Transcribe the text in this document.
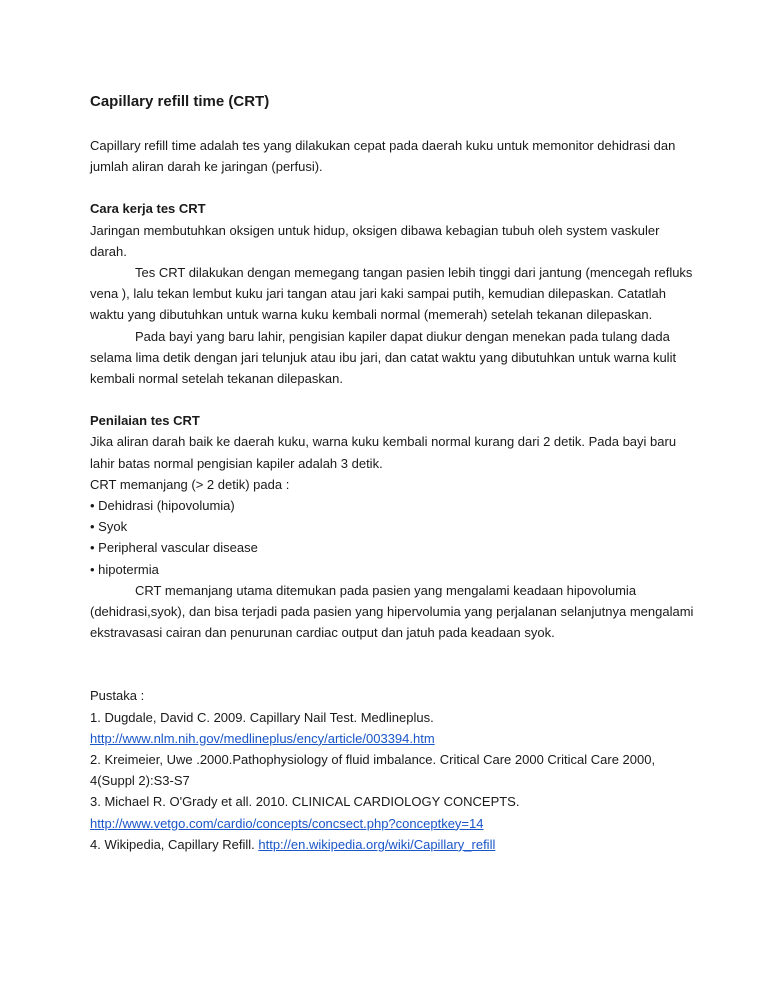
Capillary refill time (CRT)

Capillary refill time adalah tes yang dilakukan cepat pada daerah kuku untuk memonitor dehidrasi dan jumlah aliran darah ke jaringan (perfusi).

Cara kerja tes CRT

Jaringan membutuhkan oksigen untuk hidup, oksigen dibawa kebagian tubuh oleh system vaskuler darah.

Tes CRT dilakukan dengan memegang tangan pasien lebih tinggi dari jantung (mencegah refluks vena ), lalu tekan lembut kuku jari tangan atau jari kaki sampai putih, kemudian dilepaskan. Catatlah waktu yang dibutuhkan untuk warna kuku kembali normal (memerah) setelah tekanan dilepaskan.

Pada bayi yang baru lahir, pengisian kapiler dapat diukur dengan menekan pada tulang dada selama lima detik dengan jari telunjuk atau ibu jari, dan catat waktu yang dibutuhkan untuk warna kulit kembali normal setelah tekanan dilepaskan.

Penilaian tes CRT

Jika aliran darah baik ke daerah kuku, warna kuku kembali normal kurang dari 2 detik. Pada bayi baru lahir batas normal pengisian kapiler adalah 3 detik.

CRT memanjang (> 2 detik) pada :

• Dehidrasi (hipovolumia)
• Syok
• Peripheral vascular disease
• hipotermia

CRT memanjang utama ditemukan pada pasien yang mengalami keadaan hipovolumia (dehidrasi,syok), dan bisa terjadi pada pasien yang hipervolumia yang perjalanan selanjutnya mengalami ekstravasasi cairan dan penurunan cardiac output dan jatuh pada keadaan syok.

Pustaka :

1. Dugdale, David C. 2009. Capillary Nail Test. Medlineplus.

http://www.nlm.nih.gov/medlineplus/ency/article/003394.htm

2. Kreimeier, Uwe .2000.Pathophysiology of fluid imbalance. Critical Care 2000 Critical Care 2000, 4(Suppl 2):S3-S7

3. Michael R. O'Grady et all. 2010. CLINICAL CARDIOLOGY CONCEPTS.

http://www.vetgo.com/cardio/concepts/concsect.php?conceptkey=14

4. Wikipedia, Capillary Refill. http://en.wikipedia.org/wiki/Capillary_refill
